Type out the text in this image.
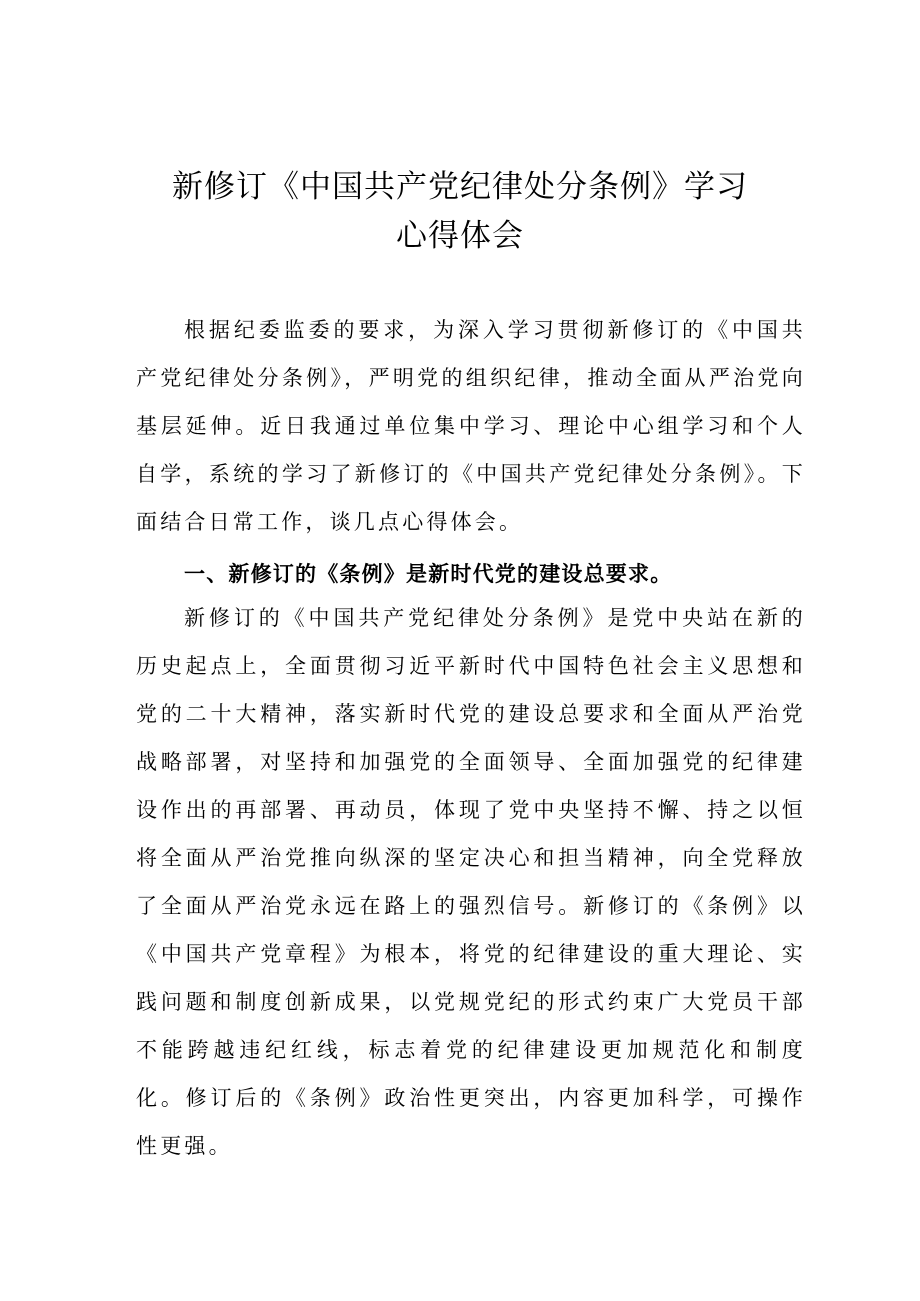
新修订《中国共产党纪律处分条例》学习
心得体会

根据纪委监委的要求，为深入学习贯彻新修订的《中国共产党纪律处分条例》，严明党的组织纪律，推动全面从严治党向基层延伸。近日我通过单位集中学习、理论中心组学习和个人自学，系统的学习了新修订的《中国共产党纪律处分条例》。下面结合日常工作，谈几点心得体会。

一、新修订的《条例》是新时代党的建设总要求。

新修订的《中国共产党纪律处分条例》是党中央站在新的历史起点上，全面贯彻习近平新时代中国特色社会主义思想和党的二十大精神，落实新时代党的建设总要求和全面从严治党战略部署，对坚持和加强党的全面领导、全面加强党的纪律建设作出的再部署、再动员，体现了党中央坚持不懈、持之以恒将全面从严治党推向纵深的坚定决心和担当精神，向全党释放了全面从严治党永远在路上的强烈信号。新修订的《条例》以《中国共产党章程》为根本，将党的纪律建设的重大理论、实践问题和制度创新成果，以党规党纪的形式约束广大党员干部不能跨越违纪红线，标志着党的纪律建设更加规范化和制度化。修订后的《条例》政治性更突出，内容更加科学，可操作性更强。
